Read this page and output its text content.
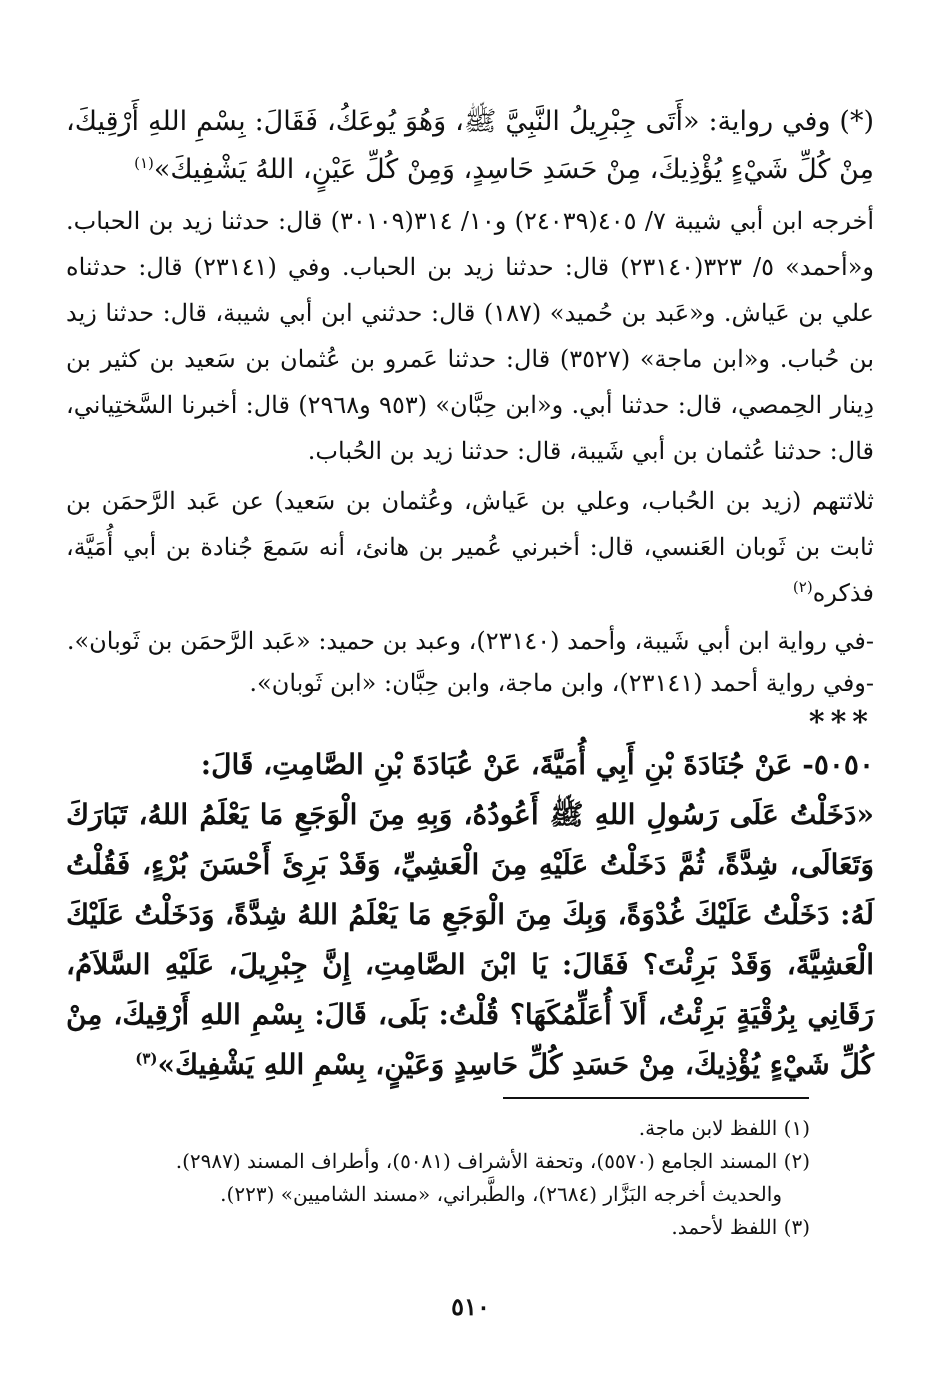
(*) وفي رواية: «أَتَى جِبْرِيلُ النَّبِيَّ ﷺ، وَهُوَ يُوعَكُ، فَقَالَ: بِسْمِ اللهِ أَرْقِيكَ، مِنْ كُلِّ شَيْءٍ يُؤْذِيكَ، مِنْ حَسَدِ حَاسِدٍ، وَمِنْ كُلِّ عَيْنٍ، اللهُ يَشْفِيكَ»$^{(١)}$

أخرجه ابن أبي شيبة ٧/ ٤٠٥(٢٤٠٣٩) و١٠/ ٣١٤(٣٠١٠٩) قال: حدثنا زيد بن الحباب. و«أحمد» ٥/ ٣٢٣(٢٣١٤٠) قال: حدثنا زيد بن الحباب. وفي (٢٣١٤١) قال: حدثناه علي بن عَياش. و«عَبد بن حُميد» (١٨٧) قال: حدثني ابن أبي شيبة، قال: حدثنا زيد بن حُباب. و«ابن ماجة» (٣٥٢٧) قال: حدثنا عَمرو بن عُثمان بن سَعيد بن كثير بن دِينار الحِمصي، قال: حدثنا أبي. و«ابن حِبَّان» (٩٥٣ و٢٩٦٨) قال: أخبرنا السَّختِياني، قال: حدثنا عُثمان بن أبي شَيبة، قال: حدثنا زيد بن الحُباب.

ثلاثتهم (زيد بن الحُباب، وعلي بن عَياش، وعُثمان بن سَعيد) عن عَبد الرَّحمَن بن ثابت بن ثَوبان العَنسي، قال: أخبرني عُمير بن هانئ، أنه سَمعَ جُنادة بن أبي أُمَيَّة، فذكره$^{(٢)}$

-في رواية ابن أبي شَيبة، وأحمد (٢٣١٤٠)، وعبد بن حميد: «عَبد الرَّحمَن بن ثَوبان».

-وفي رواية أحمد (٢٣١٤١)، وابن ماجة، وابن حِبَّان: «ابن ثَوبان».

***

٥٠٥٠- عَنْ جُنَادَةَ بْنِ أَبِي أُمَيَّةَ، عَنْ عُبَادَةَ بْنِ الصَّامِتِ، قَالَ:

«دَخَلْتُ عَلَى رَسُولِ اللهِ ﷺ أَعُودُهُ، وَبِهِ مِنَ الْوَجَعِ مَا يَعْلَمُ اللهُ، تَبَارَكَ وَتَعَالَى، شِدَّةً، ثُمَّ دَخَلْتُ عَلَيْهِ مِنَ الْعَشِيِّ، وَقَدْ بَرِئَ أَحْسَنَ بُرْءٍ، فَقُلْتُ لَهُ: دَخَلْتُ عَلَيْكَ غُدْوَةً، وَبِكَ مِنَ الْوَجَعِ مَا يَعْلَمُ اللهُ شِدَّةً، وَدَخَلْتُ عَلَيْكَ الْعَشِيَّةَ، وَقَدْ بَرِئْتَ؟ فَقَالَ: يَا ابْنَ الصَّامِتِ، إِنَّ جِبْرِيلَ، عَلَيْهِ السَّلاَمُ، رَقَانِي بِرُقْيَةٍ بَرِئْتُ، أَلاَ أُعَلِّمُكَهَا؟ قُلْتُ: بَلَى، قَالَ: بِسْمِ اللهِ أَرْقِيكَ، مِنْ كُلِّ شَيْءٍ يُؤْذِيكَ، مِنْ حَسَدِ كُلِّ حَاسِدٍ وَعَيْنٍ، بِسْمِ اللهِ يَشْفِيكَ»$^{(٣)}$

(١) اللفظ لابن ماجة.

(٢) المسند الجامع (٥٥٧٠)، وتحفة الأشراف (٥٠٨١)، وأطراف المسند (٢٩٨٧).

والحديث أخرجه البَزَّار (٢٦٨٤)، والطَّبراني، «مسند الشاميين» (٢٢٣).

(٣) اللفظ لأحمد.

٥١٠
